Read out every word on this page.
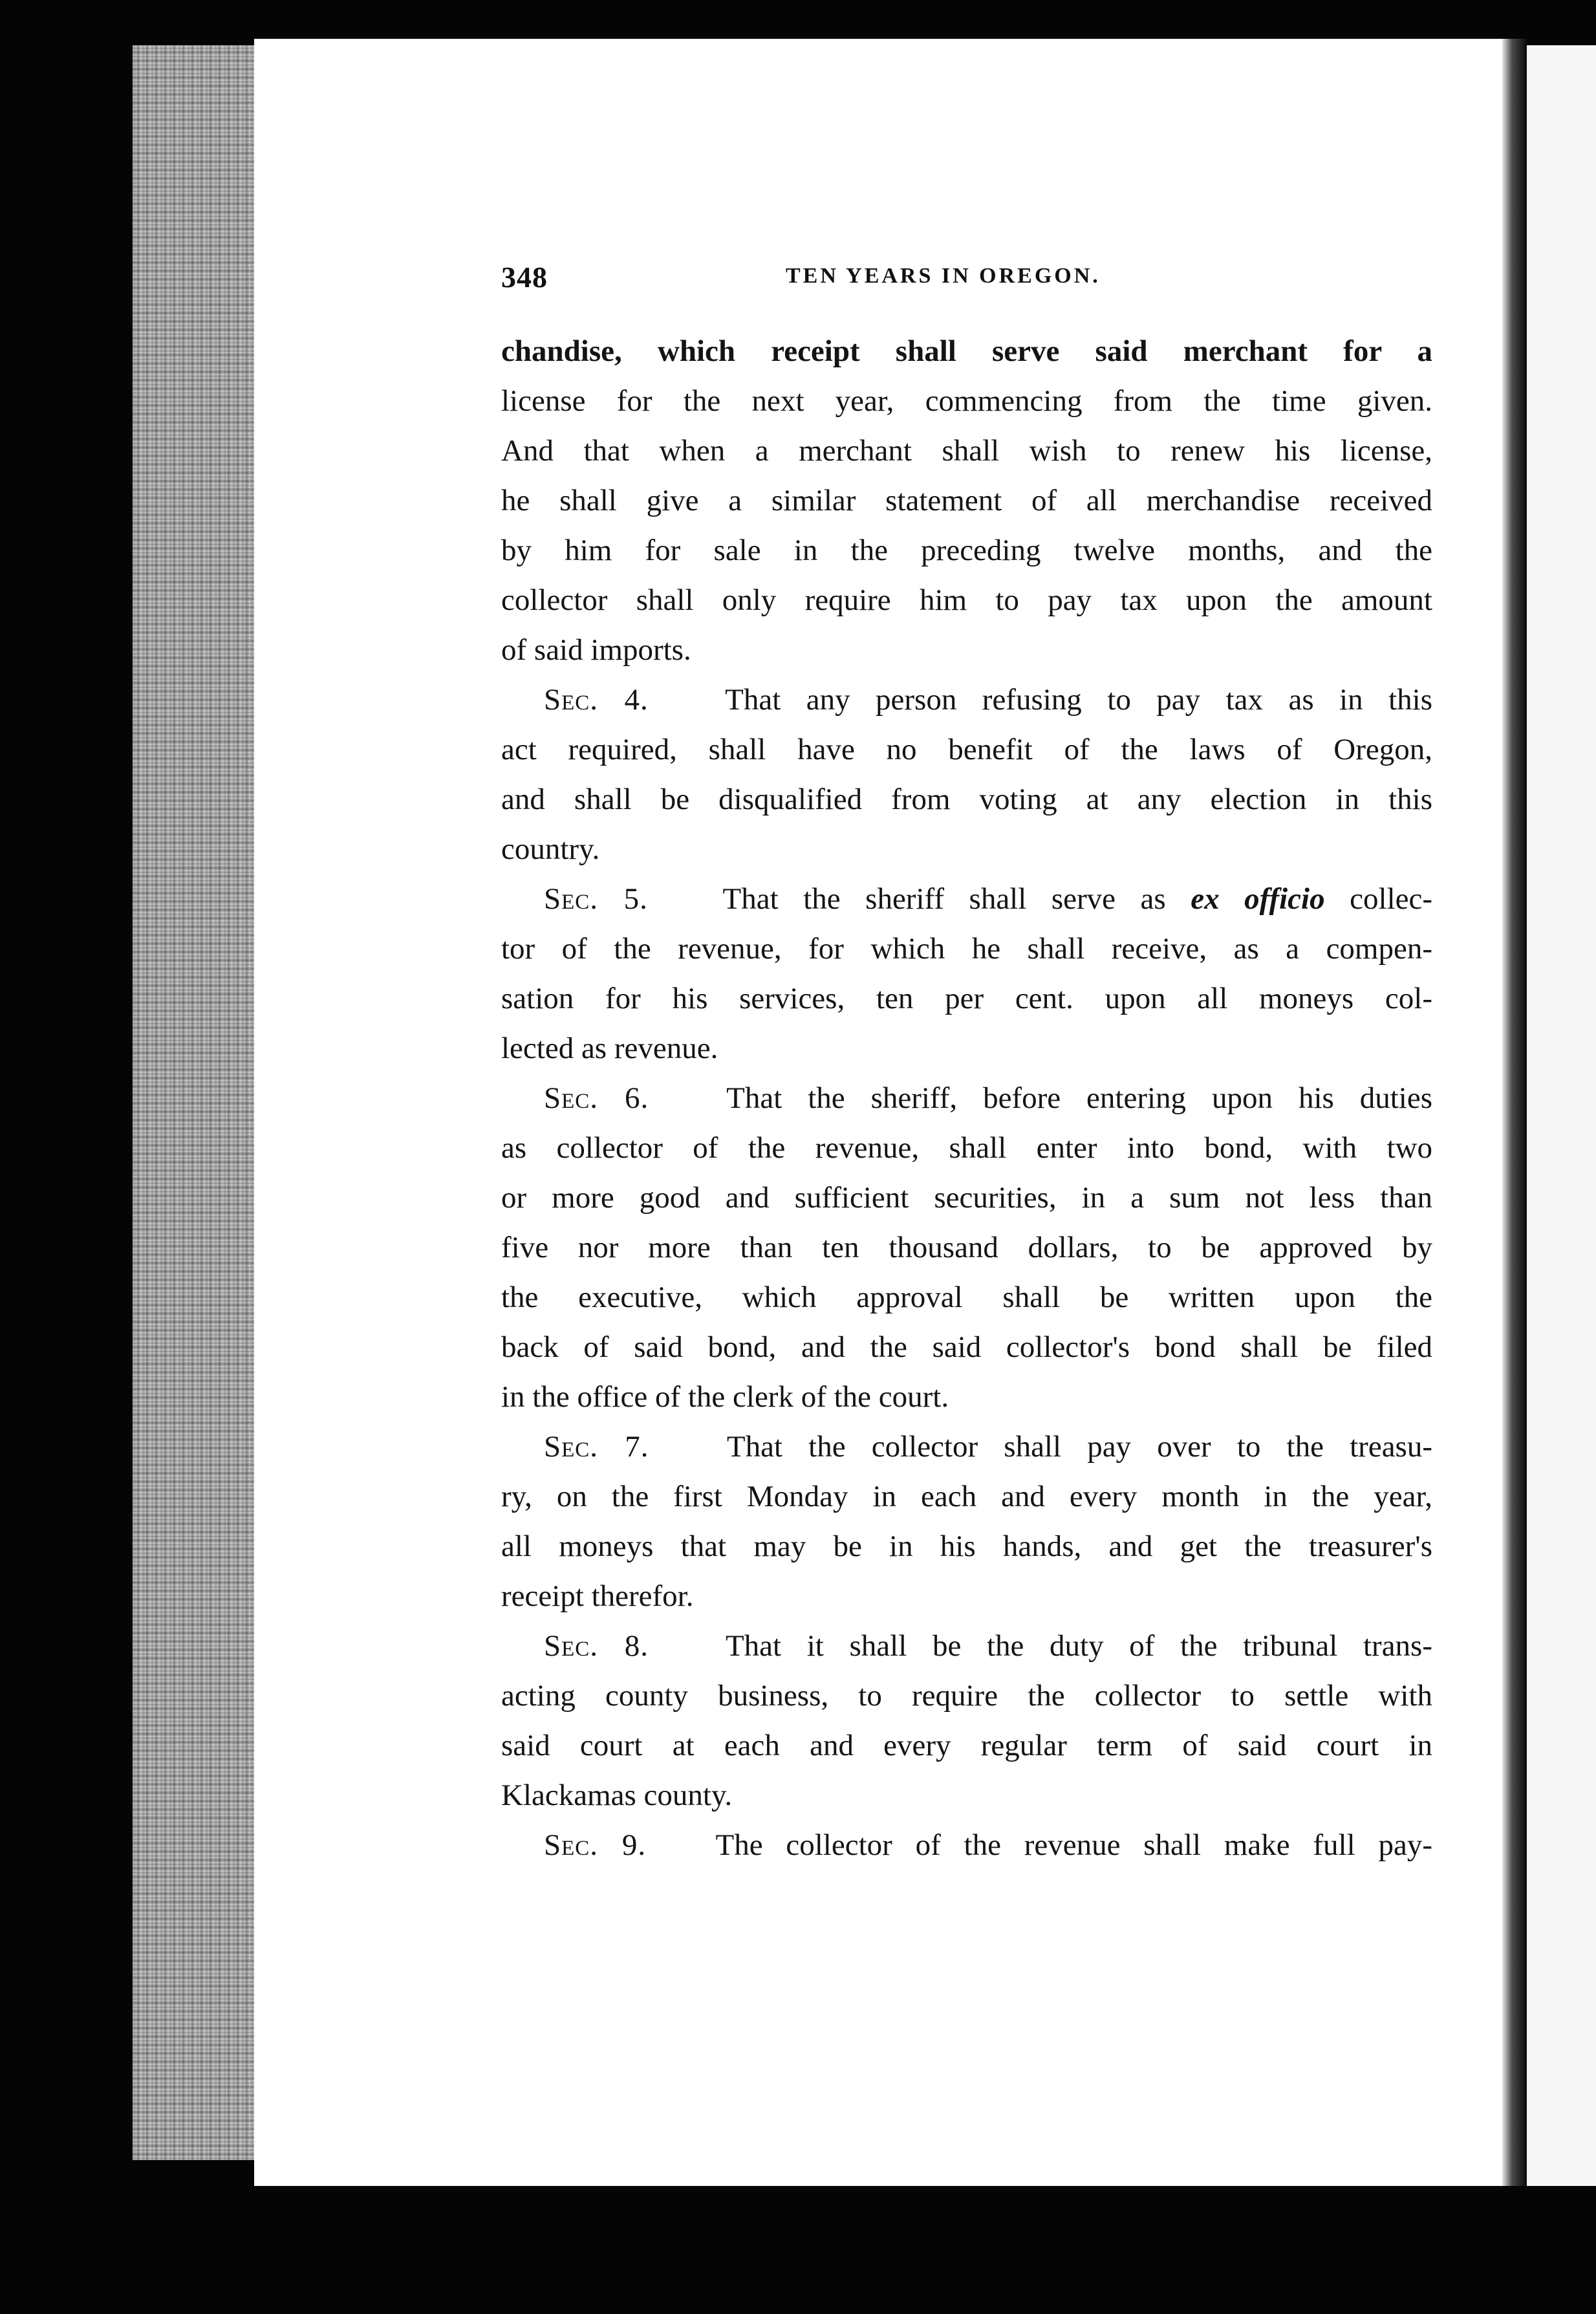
348	TEN YEARS IN OREGON.
chandise, which receipt shall serve said merchant for a
license for the next year, commencing from the time given.
And that when a merchant shall wish to renew his license,
he shall give a similar statement of all merchandise received
by him for sale in the preceding twelve months, and the
collector shall only require him to pay tax upon the amount
of said imports.
Sec. 4.	That any person refusing to pay tax as in this
act required, shall have no benefit of the laws of Oregon,
and shall be disqualified from voting at any election in this
country.
Sec. 5. That the sheriff shall serve as ex officio collec-
tor of the revenue, for which he shall receive, as a compen-
sation for his services, ten per cent. upon all moneys col-
lected as revenue.
Sec. 6.	That the sheriff, before entering upon his duties
as collector of the revenue, shall enter into bond, with two
or more good and sufficient securities, in a sum not less than
five nor more than ten thousand dollars, to be approved by
the executive, which approval shall be written upon the
back of said bond, and the said collector's bond shall be filed
in the office of the clerk of the court.
Sec. 7.	That the collector shall pay over to the treasu-
ry, on the first Monday in each and every month in the year,
all moneys that may be in his hands, and get the treasurer's
receipt therefor.
Sec. 8.	That it shall be the duty of the tribunal trans-
acting county business, to require the collector to settle with
said court at each and every regular term of said court in
Klackamas county.
Sec. 9. The collector of the revenue shall make full pay-
